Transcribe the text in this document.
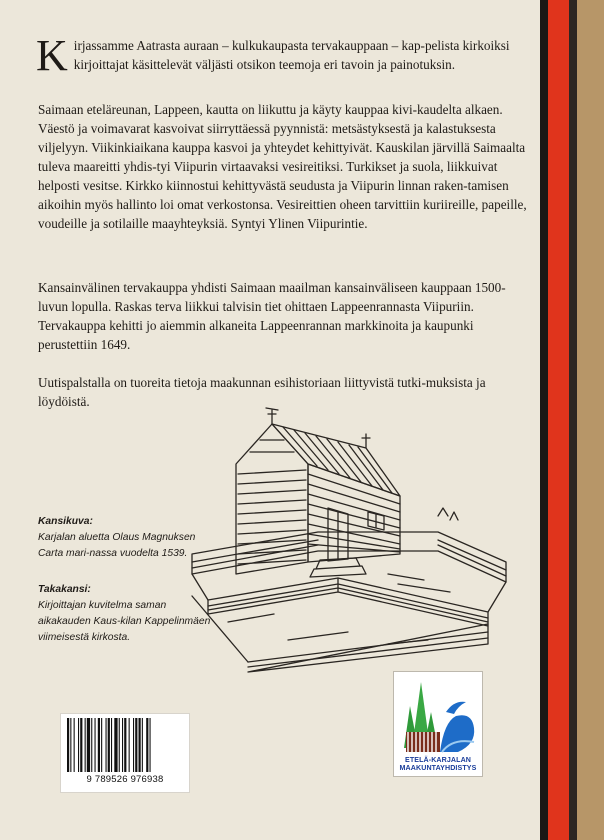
K irjassamme Aatrasta auraan – kulkukaupasta tervakauppaan – kap-pelista kirkoiksi kirjoittajat käsittelevät väljästi otsikon teemoja eri tavoin ja painotuksin.

Saimaan eteläreunan, Lappeen, kautta on liikuttu ja käyty kauppaa kivi-kaudelta alkaen. Väestö ja voimavarat kasvoivat siirryttäessä pyynnistä: metsästyksestä ja kalastuksesta viljelyyn. Viikinkiaikana kauppa kasvoi ja yhteydet kehittyivät. Kauskilan järvillä Saimaalta tuleva maareitti yhdis-tyi Viipurin virtaavaksi vesireitiksi. Turkikset ja suola, liikkuivat helposti vesitse. Kirkko kiinnostui kehittyvästä seudusta ja Viipurin linnan raken-tamisen aikoihin myös hallinto loi omat verkostonsa. Vesireittien oheen tarvittiin kuriireille, papeille, voudeille ja sotilaille maayhteyksiä. Syntyi Ylinen Viipurintie.

Kansainvälinen tervakauppa yhdisti Saimaan maailman kansainväliseen kauppaan 1500-luvun lopulla. Raskas terva liikkui talvisin tiet ohittaen Lappeenrannasta Viipuriin. Tervakauppa kehitti jo aiemmin alkaneita Lappeenrannan markkinoita ja kaupunki perustettiin 1649.

Uutispalstalla on tuoreita tietoja maakunnan esihistoriaan liittyvistä tutki-muksista ja löydöistä.

Kansikuva:
Karjalan aluetta Olaus Magnuksen Carta mari-nassa vuodelta 1539.
Takakansi:
Kirjoittajan kuvitelma saman aikakauden Kaus-kilan Kappelinmäen viimeisestä kirkosta.
9 789526 976938
ETELÄ-KARJALAN
MAAKUNTAYHDISTYS
